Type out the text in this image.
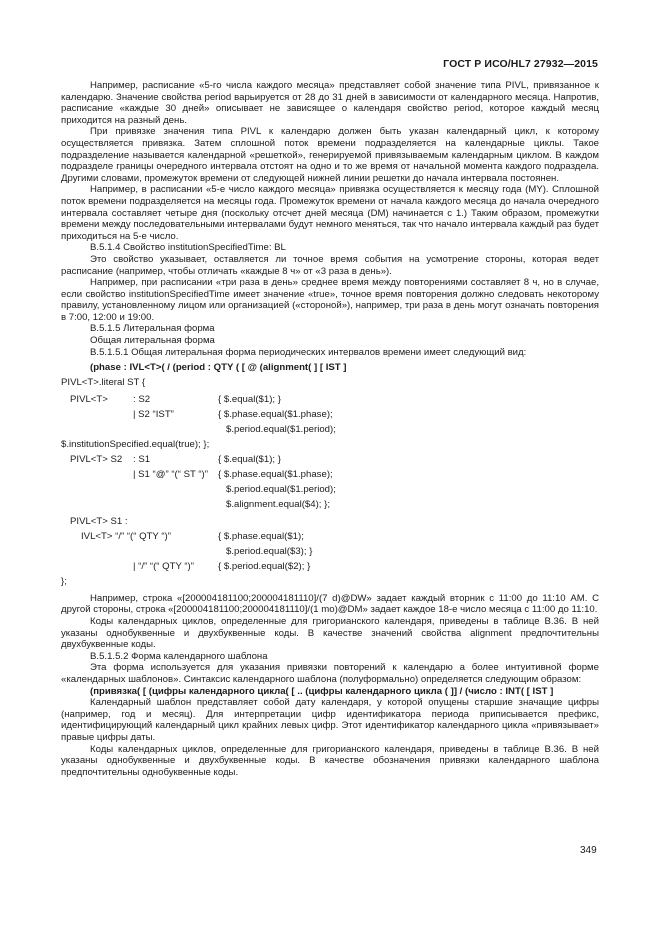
ГОСТ Р ИСО/HL7 27932—2015

Например, расписание «5-го числа каждого месяца» представляет собой значение типа PIVL, привязанное к календарю. Значение свойства period варьируется от 28 до 31 дней в зависимости от календарного месяца. Напротив, расписание «каждые 30 дней» описывает не зависящее о календаря свойство period, которое каждый месяц приходится на разный день.

При привязке значения типа PIVL к календарю должен быть указан календарный цикл, к которому осуществляется привязка. Затем сплошной поток времени подразделяется на календарные циклы. Такое подразделение называется календарной «решеткой», генерируемой привязываемым календарным циклом. В каждом подразделе границы очередного интервала отстоят на одно и то же время от начальной момента каждого подраздела. Другими словами, промежуток времени от следующей нижней линии решетки до начала интервала постоянен.

Например, в расписании «5-е число каждого месяца» привязка осуществляется к месяцу года (MY). Сплошной поток времени подразделяется на месяцы года. Промежуток времени от начала каждого месяца до начала очередного интервала составляет четыре дня (поскольку отсчет дней месяца (DM) начинается с 1.) Таким образом, промежутки времени между последовательными интервалами будут немного меняться, так что начало интервала каждый раз будет приходиться на 5-е число.

В.5.1.4 Свойство institutionSpecifiedTime: BL

Это свойство указывает, оставляется ли точное время события на усмотрение стороны, которая ведет расписание (например, чтобы отличать «каждые 8 ч» от «3 раза в день»).

Например, при расписании «три раза в день» среднее время между повторениями составляет 8 ч, но в случае, если свойство institutionSpecifiedTime имеет значение «true», точное время повторения должно следовать некоторому правилу, установленному лицом или организацией («стороной»), например, три раза в день могут означать повторения в 7:00, 12:00 и 19:00.

В.5.1.5 Литеральная форма

Общая литеральная форма

В.5.1.5.1 Общая литеральная форма периодических интервалов времени имеет следующий вид:

(phase : IVL<T>( / (period : QTY ( [ @ (alignment( ] [ IST ]

PIVL<T>.literal ST {
PIVL<T>	: S2	{ $.equal($1); }
| S2 “IST”	{ $.phase.equal($1.phase);
$.period.equal($1.period);
$.institutionSpecified.equal(true); };
PIVL<T> S2 : S1	{ $.equal($1); }
| S1 “@” “(“ ST “)” { $.phase.equal($1.phase);
$.period.equal($1.period);
$.alignment.equal($4); };
PIVL<T> S1 :
IVL<T> “/” “(“ QTY “)”	{ $.phase.equal($1);
$.period.equal($3); }
| “/” “(“ QTY “)”	{ $.period.equal($2); }
};

Например, строка «[200004181100;200004181110]/(7 d)@DW» задает каждый вторник с 11:00 до 11:10 AM. С другой стороны, строка «[200004181100;200004181110]/(1 mo)@DM» задает каждое 18-е число месяца с 11:00 до 11:10.

Коды календарных циклов, определенные для григорианского календаря, приведены в таблице В.36. В ней указаны однобуквенные и двухбуквенные коды. В качестве значений свойства alignment предпочтительны двухбуквенные коды.

В.5.1.5.2 Форма календарного шаблона

Эта форма используется для указания привязки повторений к календарю а более интуитивной форме «календарных шаблонов». Синтаксис календарного шаблона (полуформально) определяется следующим образом:

(привязка( [ (цифры календарного цикла( [ .. (цифры календарного цикла ( ]] / (число : INT( [ IST ]

Календарный шаблон представляет собой дату календаря, у которой опущены старшие значащие цифры (например, год и месяц). Для интерпретации цифр идентификатора периода приписывается префикс, идентифицирующий календарный цикл крайних левых цифр. Этот идентификатор календарного цикла «привязывает» правые цифры даты.

Коды календарных циклов, определенные для григорианского календаря, приведены в таблице В.36. В ней указаны однобуквенные и двухбуквенные коды. В качестве обозначения привязки календарного шаблона предпочтительны однобуквенные коды.

349
